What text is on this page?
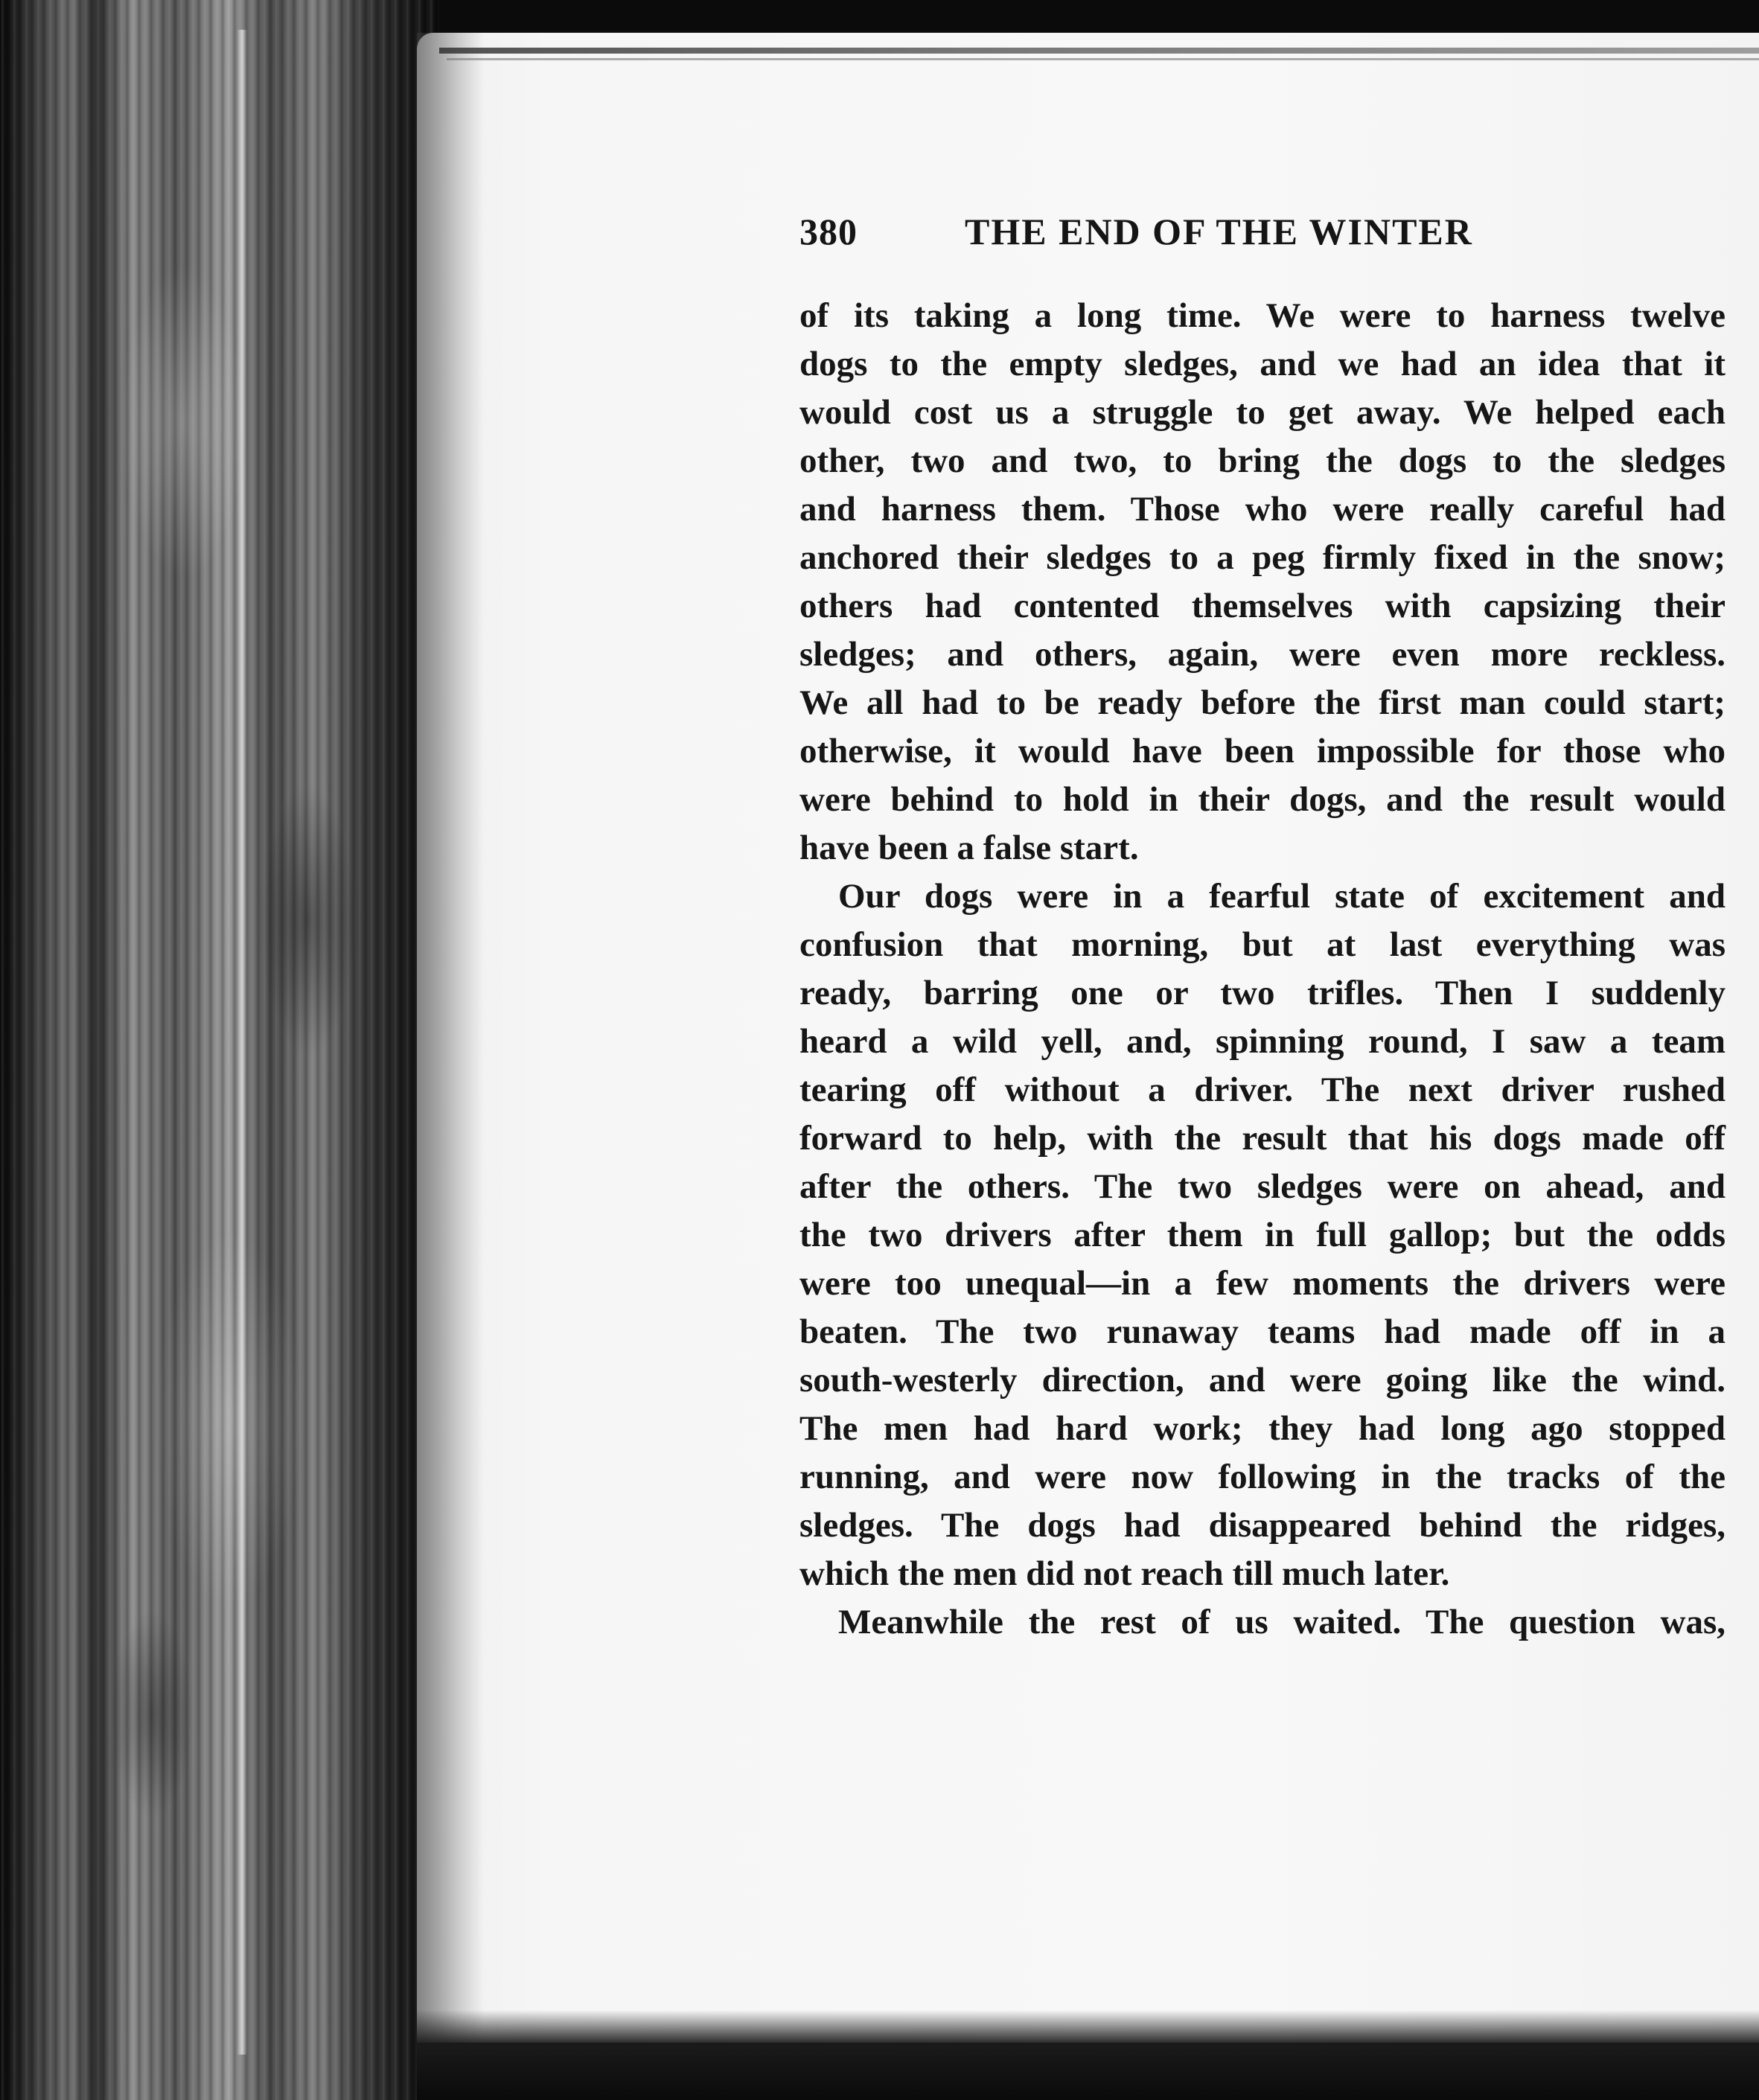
380	THE END OF THE WINTER
of its taking a long time. We were to harness twelve
dogs to the empty sledges, and we had an idea that it
would cost us a struggle to get away. We helped each
other, two and two, to bring the dogs to the sledges
and harness them. Those who were really careful had
anchored their sledges to a peg firmly fixed in the snow;
others had contented themselves with capsizing their
sledges; and others, again, were even more reckless.
We all had to be ready before the first man could start;
otherwise, it would have been impossible for those who
were behind to hold in their dogs, and the result would
have been a false start.
Our dogs were in a fearful state of excitement and
confusion that morning, but at last everything was
ready, barring one or two trifles. Then I suddenly
heard a wild yell, and, spinning round, I saw a team
tearing off without a driver. The next driver rushed
forward to help, with the result that his dogs made off
after the others. The two sledges were on ahead, and
the two drivers after them in full gallop; but the odds
were too unequal—in a few moments the drivers were
beaten. The two runaway teams had made off in a
south-westerly direction, and were going like the wind.
The men had hard work; they had long ago stopped
running, and were now following in the tracks of the
sledges. The dogs had disappeared behind the ridges,
which the men did not reach till much later.
Meanwhile the rest of us waited. The question was,
